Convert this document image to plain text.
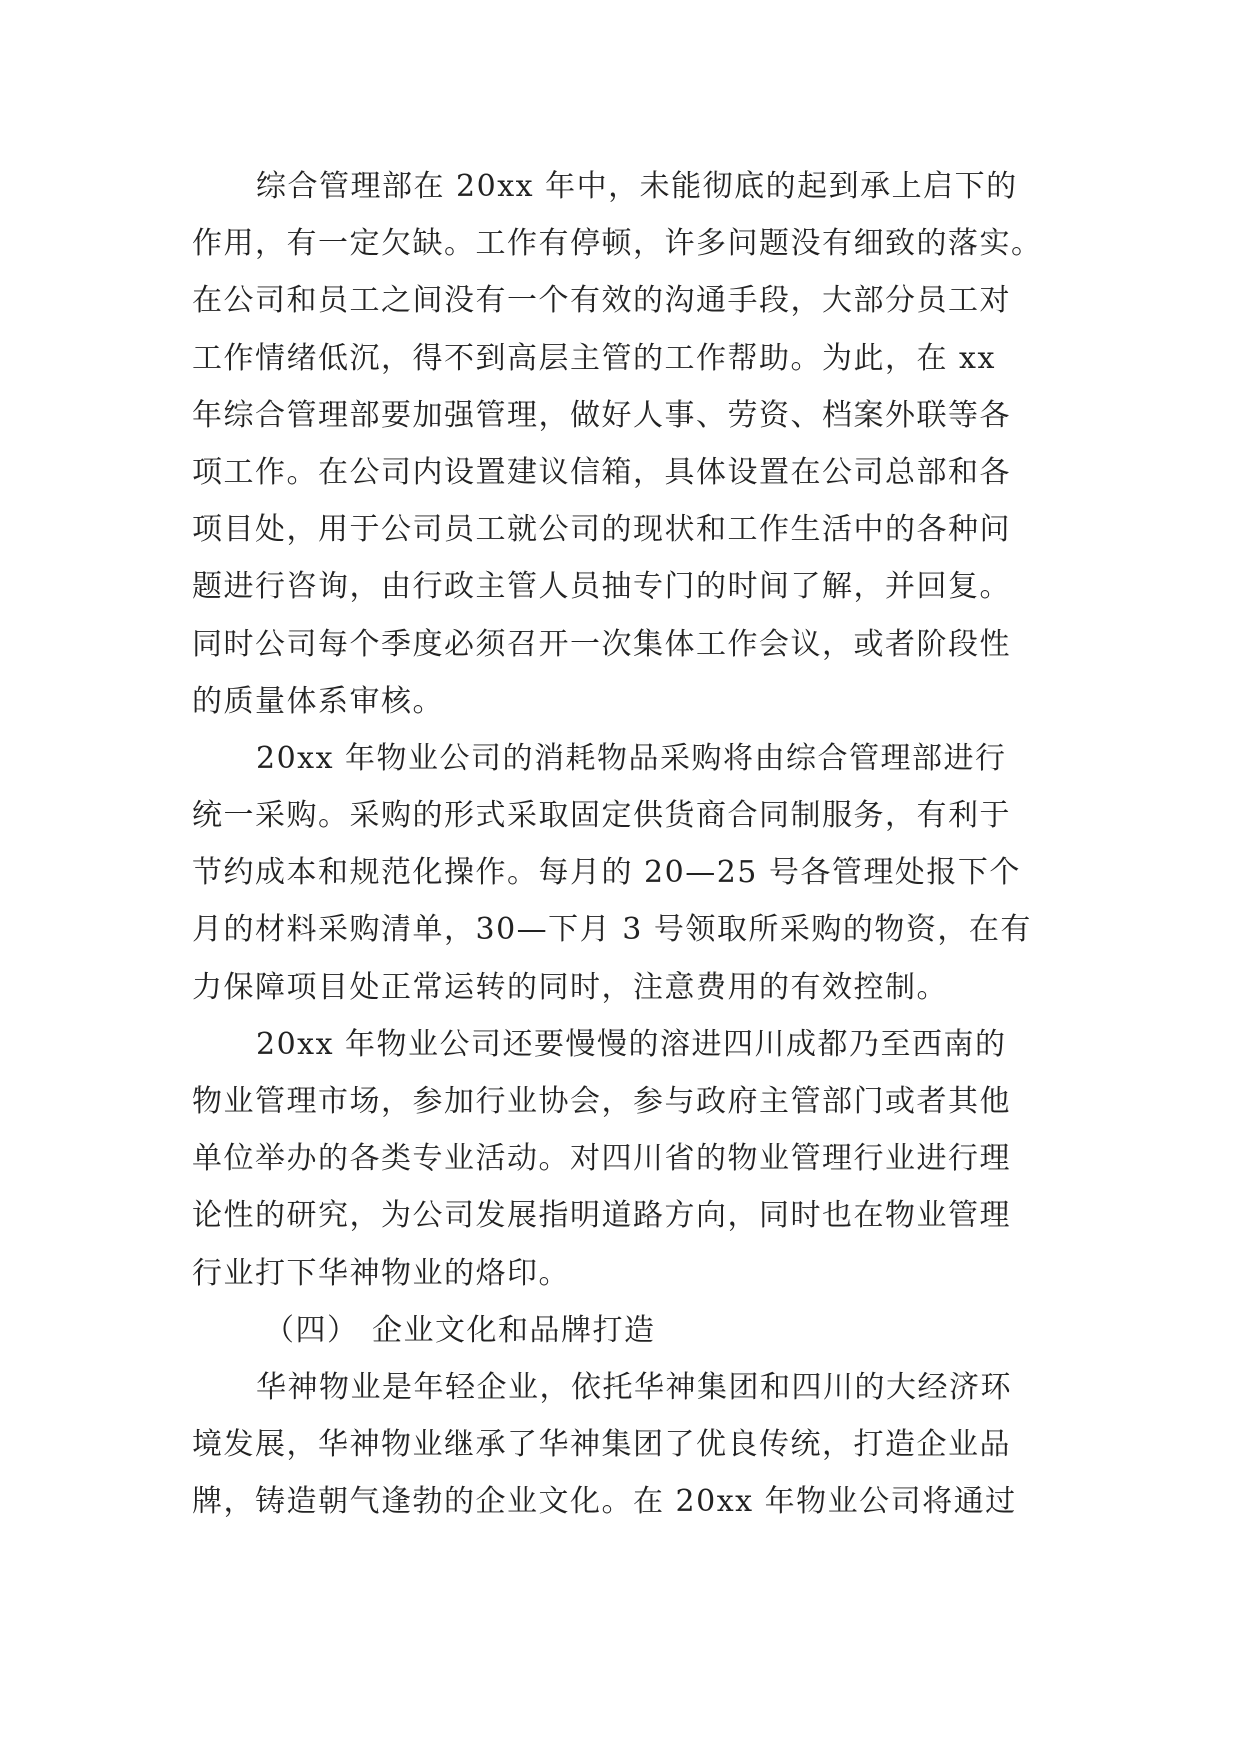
综合管理部在 20xx 年中，未能彻底的起到承上启下的
作用，有一定欠缺。工作有停顿，许多问题没有细致的落实。
在公司和员工之间没有一个有效的沟通手段，大部分员工对
工作情绪低沉，得不到高层主管的工作帮助。为此，在 xx
年综合管理部要加强管理，做好人事、劳资、档案外联等各
项工作。在公司内设置建议信箱，具体设置在公司总部和各
项目处，用于公司员工就公司的现状和工作生活中的各种问
题进行咨询，由行政主管人员抽专门的时间了解，并回复。
同时公司每个季度必须召开一次集体工作会议，或者阶段性
的质量体系审核。
20xx 年物业公司的消耗物品采购将由综合管理部进行
统一采购。采购的形式采取固定供货商合同制服务，有利于
节约成本和规范化操作。每月的 20—25 号各管理处报下个
月的材料采购清单，30—下月 3 号领取所采购的物资，在有
力保障项目处正常运转的同时，注意费用的有效控制。
20xx 年物业公司还要慢慢的溶进四川成都乃至西南的
物业管理市场，参加行业协会，参与政府主管部门或者其他
单位举办的各类专业活动。对四川省的物业管理行业进行理
论性的研究，为公司发展指明道路方向，同时也在物业管理
行业打下华神物业的烙印。
（四） 企业文化和品牌打造
华神物业是年轻企业，依托华神集团和四川的大经济环
境发展，华神物业继承了华神集团了优良传统，打造企业品
牌，铸造朝气逢勃的企业文化。在 20xx 年物业公司将通过
